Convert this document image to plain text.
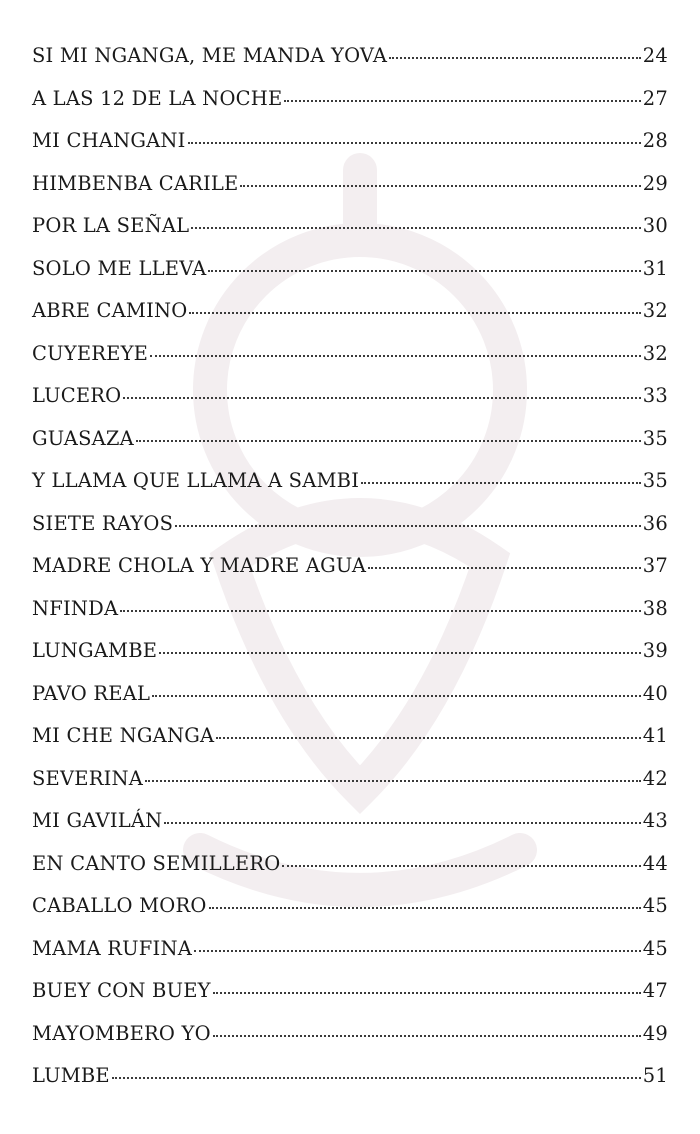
SI MI NGANGA, ME MANDA YOVA	24
A LAS 12 DE LA NOCHE	27
MI CHANGANI	28
HIMBENBA CARILE	29
POR LA SEÑAL	30
SOLO ME LLEVA	31
ABRE CAMINO	32
CUYEREYE	32
LUCERO	33
GUASAZA	35
Y LLAMA QUE LLAMA A SAMBI	35
SIETE RAYOS	36
MADRE CHOLA Y MADRE AGUA	37
NFINDA	38
LUNGAMBE	39
PAVO REAL	40
MI CHE NGANGA	41
SEVERINA	42
MI GAVILÁN	43
EN CANTO SEMILLERO	44
CABALLO MORO	45
MAMA RUFINA	45
BUEY CON BUEY	47
MAYOMBERO YO	49
LUMBE	51
